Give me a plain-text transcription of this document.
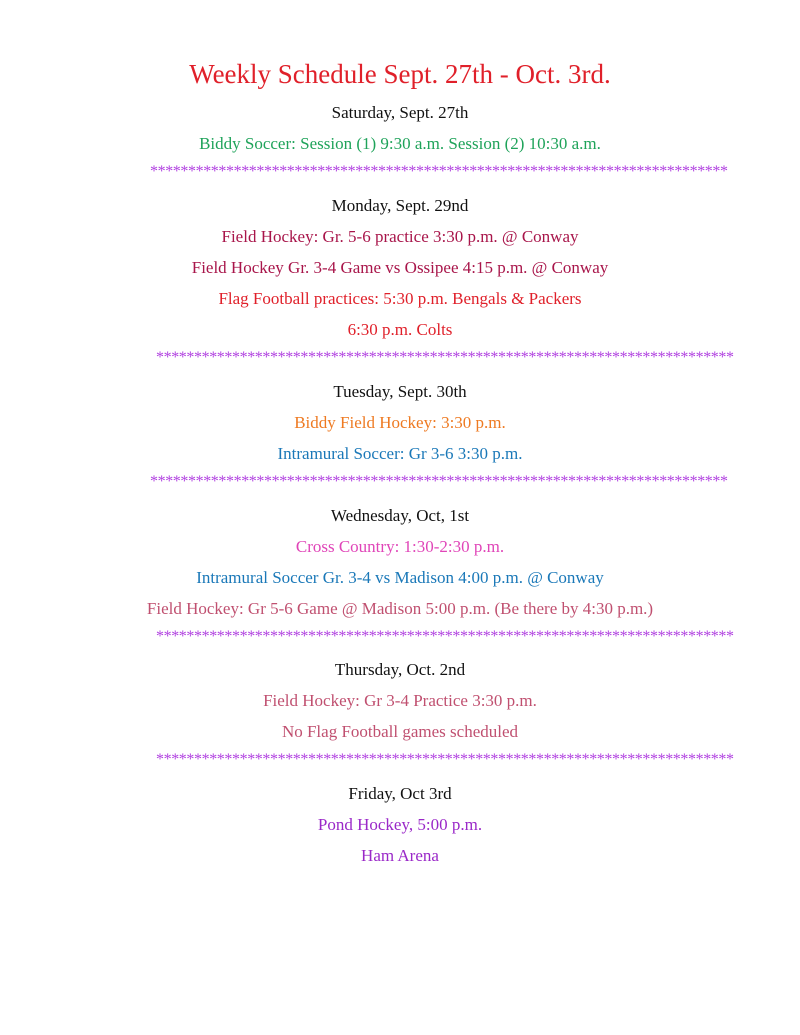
Weekly Schedule Sept. 27th - Oct. 3rd.
Saturday, Sept. 27th
Biddy Soccer: Session (1) 9:30 a.m. Session (2) 10:30 a.m.
****************************************************************************
Monday, Sept. 29nd
Field Hockey: Gr. 5-6 practice 3:30 p.m. @ Conway
Field Hockey Gr. 3-4 Game vs Ossipee 4:15 p.m. @ Conway
Flag Football practices: 5:30 p.m. Bengals & Packers
6:30 p.m. Colts
****************************************************************************
Tuesday, Sept. 30th
Biddy Field Hockey: 3:30 p.m.
Intramural Soccer: Gr 3-6 3:30 p.m.
****************************************************************************
Wednesday, Oct, 1st
Cross Country: 1:30-2:30 p.m.
Intramural Soccer Gr. 3-4 vs Madison 4:00 p.m. @ Conway
Field Hockey: Gr 5-6 Game @ Madison 5:00 p.m. (Be there by 4:30 p.m.)
****************************************************************************
Thursday, Oct. 2nd
Field Hockey: Gr 3-4 Practice 3:30 p.m.
No Flag Football games scheduled
****************************************************************************
Friday, Oct 3rd
Pond Hockey, 5:00 p.m.
Ham Arena
